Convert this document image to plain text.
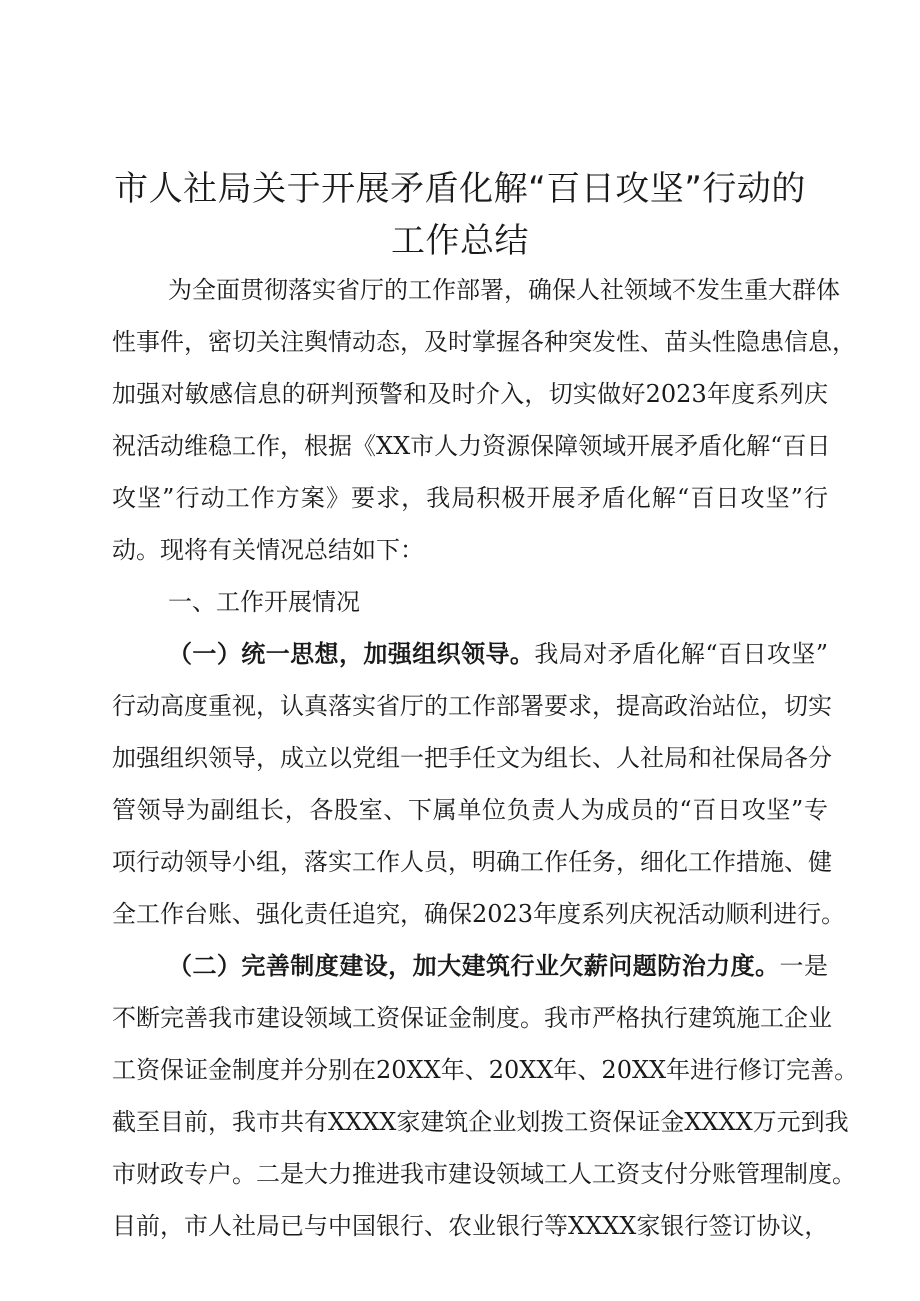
市人社局关于开展矛盾化解“百日攻坚”行动的
工作总结
为全面贯彻落实省厅的工作部署，确保人社领域不发生重大群体
性事件，密切关注舆情动态，及时掌握各种突发性、苗头性隐患信息，
加强对敏感信息的研判预警和及时介入，切实做好2023年度系列庆
祝活动维稳工作，根据《XX市人力资源保障领域开展矛盾化解“百日
攻坚”行动工作方案》要求，我局积极开展矛盾化解“百日攻坚”行
动。现将有关情况总结如下：
一、工作开展情况
（一）统一思想，加强组织领导。我局对矛盾化解“百日攻坚”
行动高度重视，认真落实省厅的工作部署要求，提高政治站位，切实
加强组织领导，成立以党组一把手任文为组长、人社局和社保局各分
管领导为副组长，各股室、下属单位负责人为成员的“百日攻坚”专
项行动领导小组，落实工作人员，明确工作任务，细化工作措施、健
全工作台账、强化责任追究，确保2023年度系列庆祝活动顺利进行。
（二）完善制度建设，加大建筑行业欠薪问题防治力度。一是
不断完善我市建设领域工资保证金制度。我市严格执行建筑施工企业
工资保证金制度并分别在20XX年、20XX年、20XX年进行修订完善。
截至目前，我市共有XXXX家建筑企业划拨工资保证金XXXX万元到我
市财政专户。二是大力推进我市建设领域工人工资支付分账管理制度。
目前，市人社局已与中国银行、农业银行等XXXX家银行签订协议，
